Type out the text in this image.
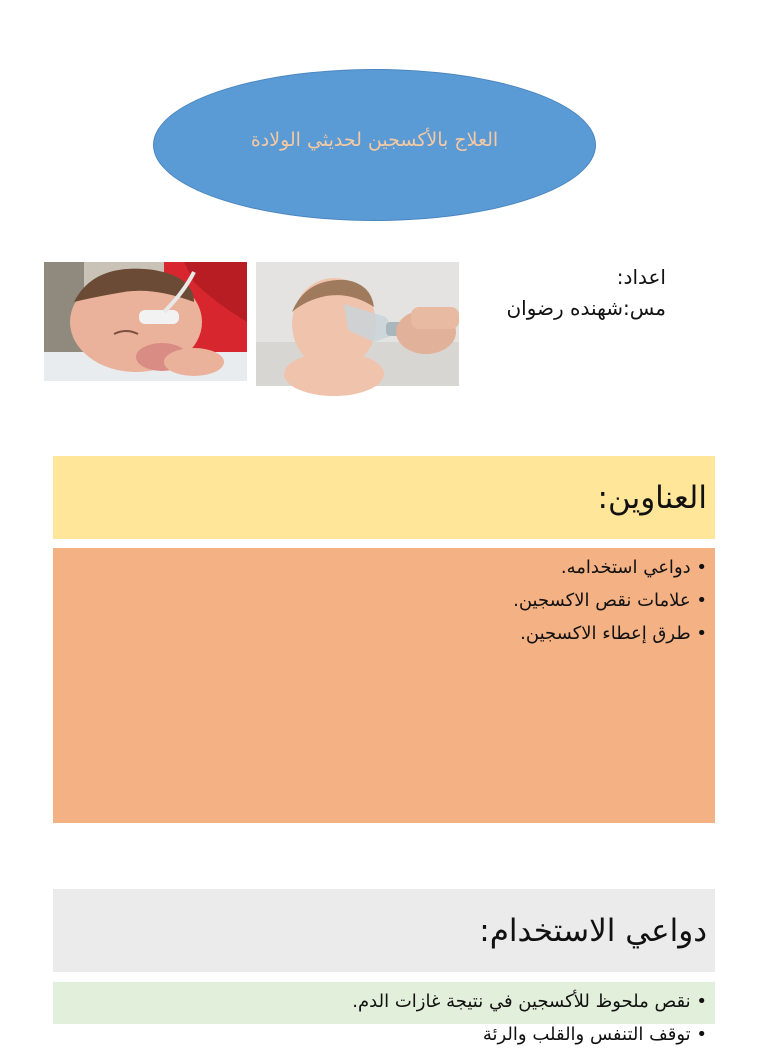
العلاج بالأكسجين لحديثي الولادة
اعداد:
مس:شهنده رضوان
العناوين:
• دواعي استخدامه.
• علامات نقص الاكسجين.
• طرق إعطاء الاكسجين.
دواعي الاستخدام:
• نقص ملحوظ للأكسجين في نتيجة غازات الدم.
• توقف التنفس والقلب والرئة
